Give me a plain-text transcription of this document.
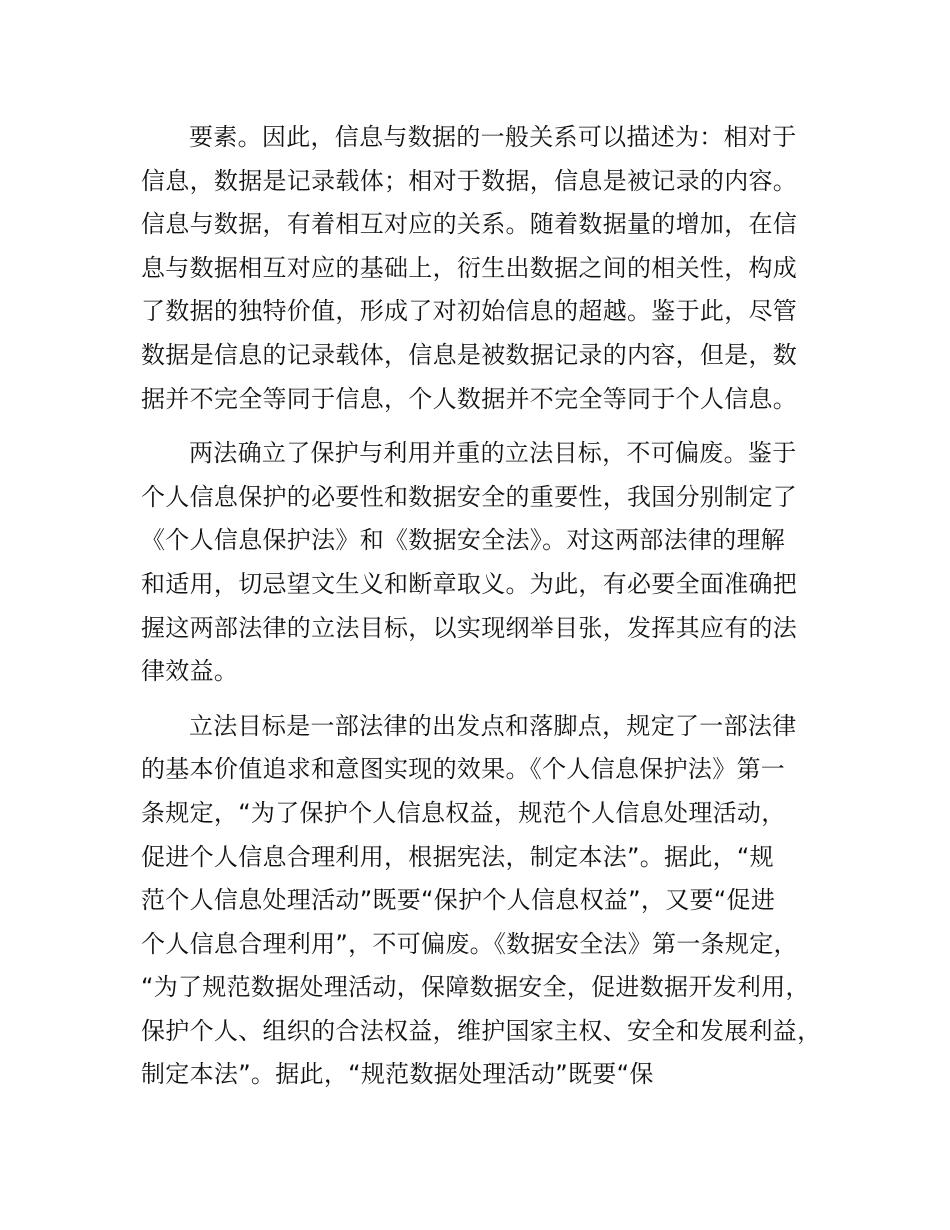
要素。因此，信息与数据的一般关系可以描述为：相对于
信息，数据是记录载体；相对于数据，信息是被记录的内容。
信息与数据，有着相互对应的关系。随着数据量的增加，在信
息与数据相互对应的基础上，衍生出数据之间的相关性，构成
了数据的独特价值，形成了对初始信息的超越。鉴于此，尽管
数据是信息的记录载体，信息是被数据记录的内容，但是，数
据并不完全等同于信息，个人数据并不完全等同于个人信息。
两法确立了保护与利用并重的立法目标，不可偏废。鉴于
个人信息保护的必要性和数据安全的重要性，我国分别制定了
《个人信息保护法》和《数据安全法》。对这两部法律的理解
和适用，切忌望文生义和断章取义。为此，有必要全面准确把
握这两部法律的立法目标，以实现纲举目张，发挥其应有的法
律效益。
立法目标是一部法律的出发点和落脚点，规定了一部法律
的基本价值追求和意图实现的效果。《个人信息保护法》第一
条规定，“为了保护个人信息权益，规范个人信息处理活动，
促进个人信息合理利用，根据宪法，制定本法”。据此，“规
范个人信息处理活动”既要“保护个人信息权益”，又要“促进
个人信息合理利用”，不可偏废。《数据安全法》第一条规定，
“为了规范数据处理活动，保障数据安全，促进数据开发利用，
保护个人、组织的合法权益，维护国家主权、安全和发展利益，
制定本法”。据此，“规范数据处理活动”既要“保
